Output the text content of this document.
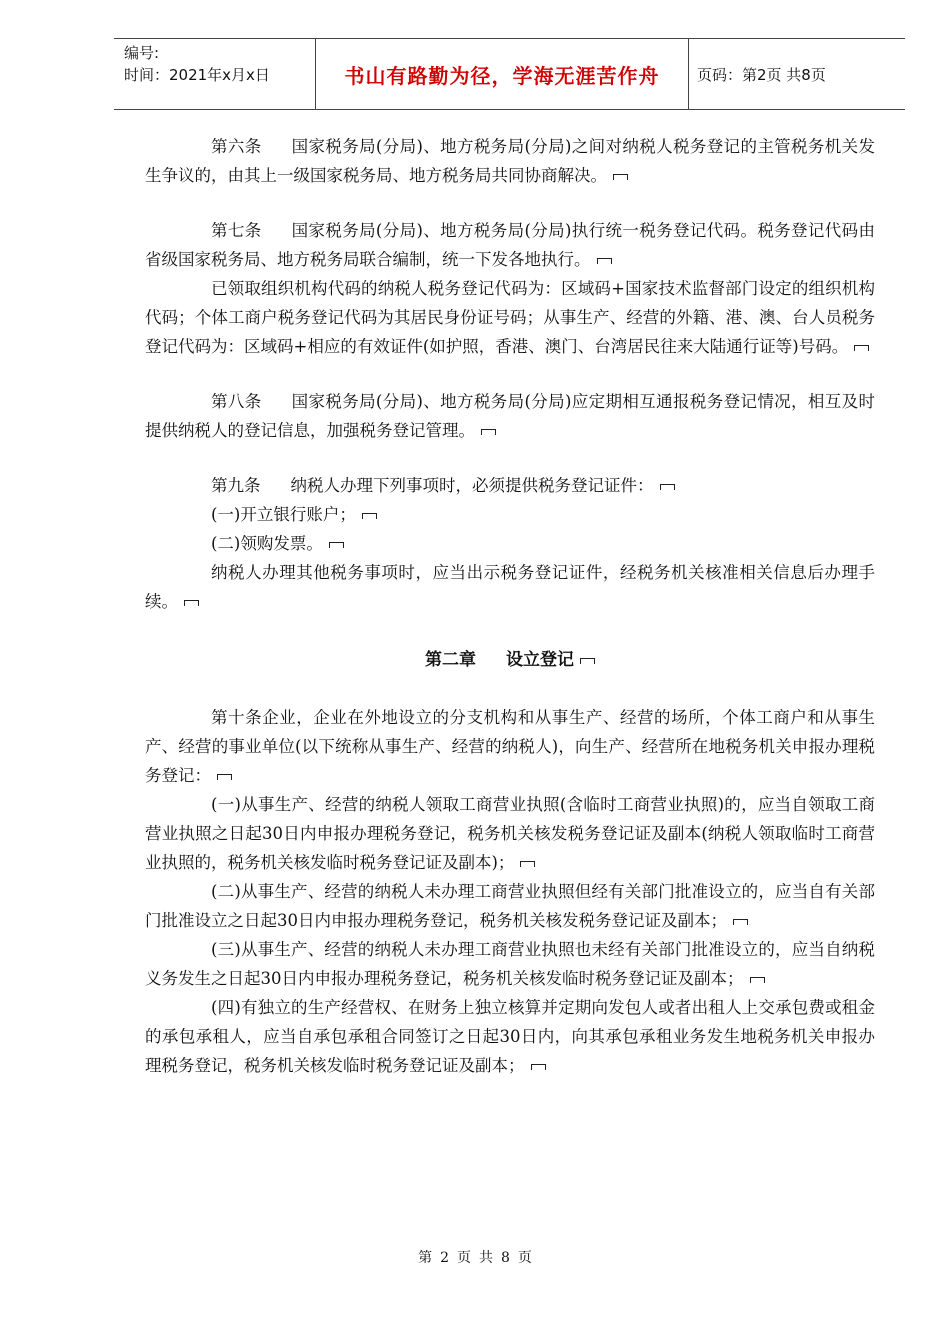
编号:
时间：2021年x月x日	书山有路勤为径，学海无涯苦作舟	页码：第2页 共8页

第六条 国家税务局(分局)、地方税务局(分局)之间对纳税人税务登记的主管税务机关发生争议的，由其上一级国家税务局、地方税务局共同协商解决。

第七条 国家税务局(分局)、地方税务局(分局)执行统一税务登记代码。税务登记代码由省级国家税务局、地方税务局联合编制，统一下发各地执行。

已领取组织机构代码的纳税人税务登记代码为：区域码+国家技术监督部门设定的组织机构代码；个体工商户税务登记代码为其居民身份证号码；从事生产、经营的外籍、港、澳、台人员税务登记代码为：区域码+相应的有效证件(如护照，香港、澳门、台湾居民往来大陆通行证等)号码。

第八条 国家税务局(分局)、地方税务局(分局)应定期相互通报税务登记情况，相互及时提供纳税人的登记信息，加强税务登记管理。

第九条 纳税人办理下列事项时，必须提供税务登记证件：

(一)开立银行账户；

(二)领购发票。

纳税人办理其他税务事项时，应当出示税务登记证件，经税务机关核准相关信息后办理手续。

第二章 设立登记

第十条企业，企业在外地设立的分支机构和从事生产、经营的场所，个体工商户和从事生产、经营的事业单位(以下统称从事生产、经营的纳税人)，向生产、经营所在地税务机关申报办理税务登记：

(一)从事生产、经营的纳税人领取工商营业执照(含临时工商营业执照)的，应当自领取工商营业执照之日起30日内申报办理税务登记，税务机关核发税务登记证及副本(纳税人领取临时工商营业执照的，税务机关核发临时税务登记证及副本)；

(二)从事生产、经营的纳税人未办理工商营业执照但经有关部门批准设立的，应当自有关部门批准设立之日起30日内申报办理税务登记，税务机关核发税务登记证及副本；

(三)从事生产、经营的纳税人未办理工商营业执照也未经有关部门批准设立的，应当自纳税义务发生之日起30日内申报办理税务登记，税务机关核发临时税务登记证及副本；

(四)有独立的生产经营权、在财务上独立核算并定期向发包人或者出租人上交承包费或租金的承包承租人，应当自承包承租合同签订之日起30日内，向其承包承租业务发生地税务机关申报办理税务登记，税务机关核发临时税务登记证及副本；

第 2 页 共 8 页
